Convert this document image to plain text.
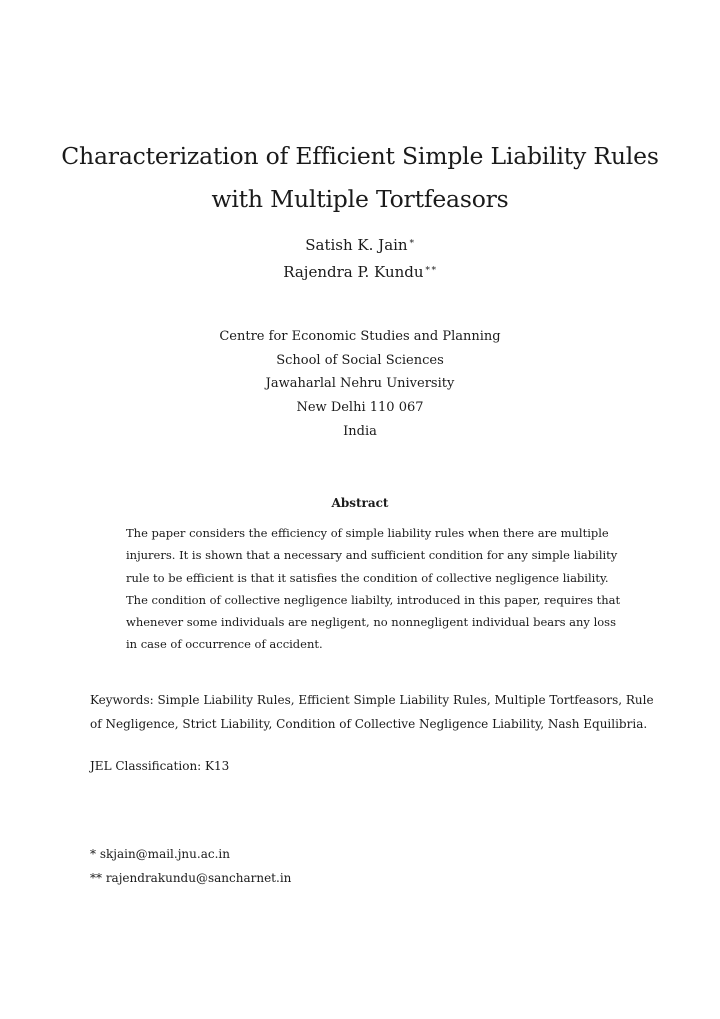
Characterization of Efficient Simple Liability Rules
with Multiple Tortfeasors
Satish K. Jain∗
Rajendra P. Kundu∗∗
Centre for Economic Studies and Planning
School of Social Sciences
Jawaharlal Nehru University
New Delhi 110 067
India
Abstract
The paper considers the efficiency of simple liability rules when there are multiple
injurers. It is shown that a necessary and sufficient condition for any simple liability
rule to be efficient is that it satisfies the condition of collective negligence liability.
The condition of collective negligence liabilty, introduced in this paper, requires that
whenever some individuals are negligent, no nonnegligent individual bears any loss
in case of occurrence of accident.
Keywords: Simple Liability Rules, Efficient Simple Liability Rules, Multiple Tortfeasors, Rule
of Negligence, Strict Liability, Condition of Collective Negligence Liability, Nash Equilibria.
JEL Classification: K13
* skjain@mail.jnu.ac.in
** rajendrakundu@sancharnet.in
